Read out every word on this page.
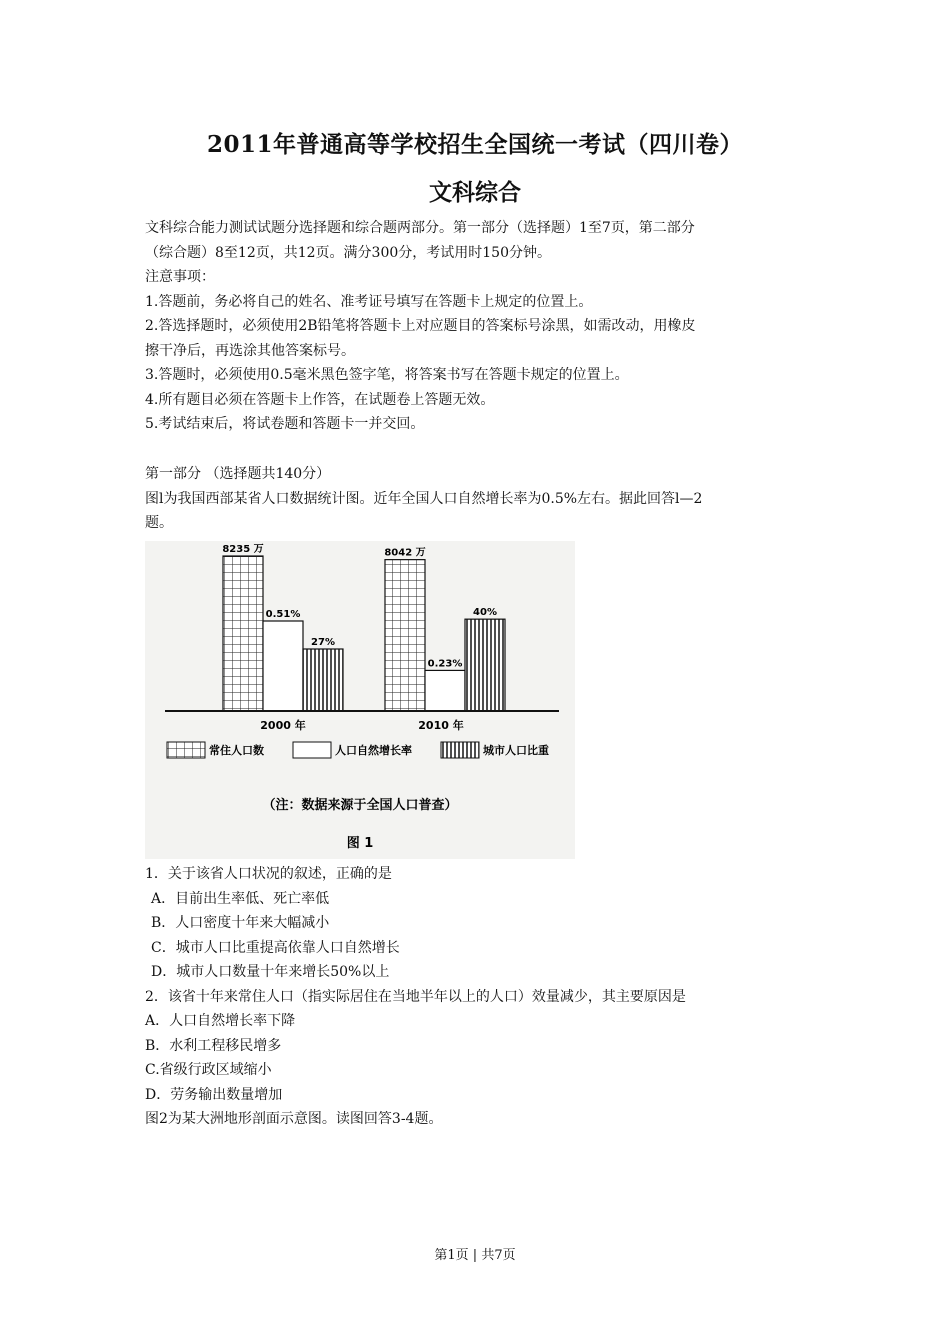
2011年普通高等学校招生全国统一考试（四川卷）
文科综合

文科综合能力测试试题分选择题和综合题两部分。第一部分（选择题）1至7页，第二部分

（综合题）8至12页，共12页。满分300分，考试用时150分钟。

注意事项：

1.答题前，务必将自己的姓名、准考证号填写在答题卡上规定的位置上。

2.答选择题时，必须使用2B铅笔将答题卡上对应题目的答案标号涂黑，如需改动，用橡皮

擦干净后，再选涂其他答案标号。

3.答题时，必须使用0.5毫米黑色签字笔，将答案书写在答题卡规定的位置上。

4.所有题目必须在答题卡上作答，在试题卷上答题无效。

5.考试结束后，将试卷题和答题卡一并交回。

第一部分 （选择题共140分）

图l为我国西部某省人口数据统计图。近年全国人口自然增长率为0.5%左右。据此回答l—2

题。

8235 万
0.51%
27%
8042 万
0.23%
40%
2000 年	2010 年
常住人口数	人口自然增长率	城市人口比重
（注：数据来源于全国人口普查）
图 1

1．关于该省人口状况的叙述，正确的是

A．目前出生率低、死亡率低

B．人口密度十年来大幅减小

C．城市人口比重提高依靠人口自然增长

D．城市人口数量十年来增长50%以上

2．该省十年来常住人口（指实际居住在当地半年以上的人口）效量减少，其主要原因是

A．人口自然增长率下降

B．水利工程移民增多

C.省级行政区域缩小

D．劳务输出数量增加

图2为某大洲地形剖面示意图。读图回答3-4题。

第1页 | 共7页
